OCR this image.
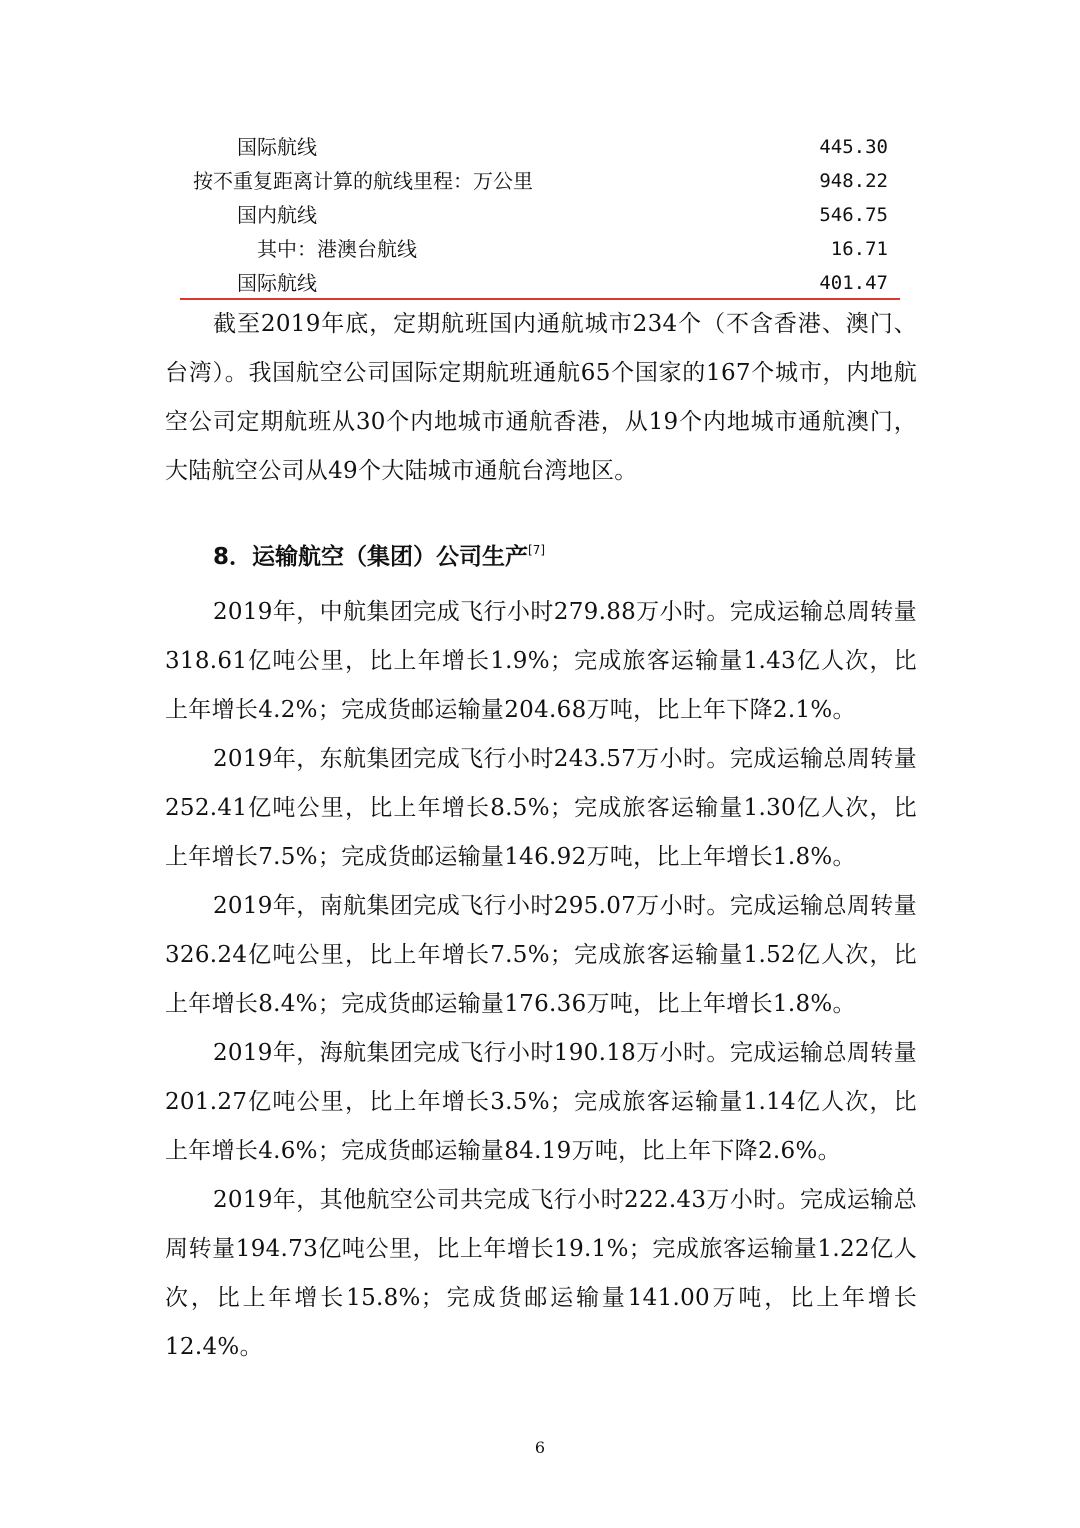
国际航线	445.30
按不重复距离计算的航线里程：万公里	948.22
国内航线	546.75
其中：港澳台航线	16.71
国际航线	401.47

截至2019年底，定期航班国内通航城市234个（不含香港、澳门、台湾）。我国航空公司国际定期航班通航65个国家的167个城市，内地航空公司定期航班从30个内地城市通航香港，从19个内地城市通航澳门，大陆航空公司从49个大陆城市通航台湾地区。

8．运输航空（集团）公司生产[7]

2019年，中航集团完成飞行小时279.88万小时。完成运输总周转量318.61亿吨公里，比上年增长1.9%；完成旅客运输量1.43亿人次，比上年增长4.2%；完成货邮运输量204.68万吨，比上年下降2.1%。

2019年，东航集团完成飞行小时243.57万小时。完成运输总周转量252.41亿吨公里，比上年增长8.5%；完成旅客运输量1.30亿人次，比上年增长7.5%；完成货邮运输量146.92万吨，比上年增长1.8%。

2019年，南航集团完成飞行小时295.07万小时。完成运输总周转量326.24亿吨公里，比上年增长7.5%；完成旅客运输量1.52亿人次，比上年增长8.4%；完成货邮运输量176.36万吨，比上年增长1.8%。

2019年，海航集团完成飞行小时190.18万小时。完成运输总周转量201.27亿吨公里，比上年增长3.5%；完成旅客运输量1.14亿人次，比上年增长4.6%；完成货邮运输量84.19万吨，比上年下降2.6%。

2019年，其他航空公司共完成飞行小时222.43万小时。完成运输总周转量194.73亿吨公里，比上年增长19.1%；完成旅客运输量1.22亿人次，比上年增长15.8%；完成货邮运输量141.00万吨，比上年增长12.4%。

6
